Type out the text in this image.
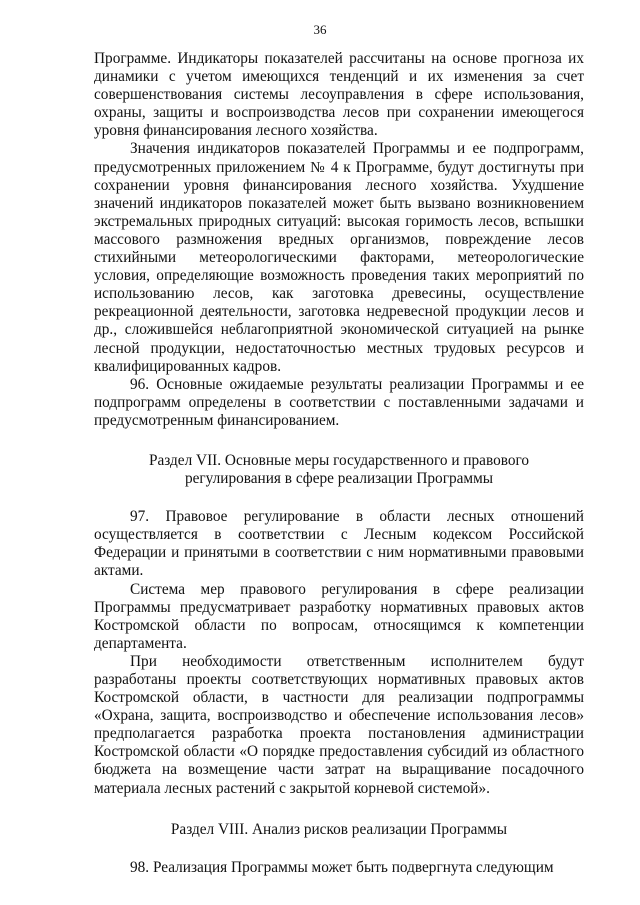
36

Программе. Индикаторы показателей рассчитаны на основе прогноза их динамики с учетом имеющихся тенденций и их изменения за счет совершенствования системы лесоуправления в сфере использования, охраны, защиты и воспроизводства лесов при сохранении имеющегося уровня финансирования лесного хозяйства.

Значения индикаторов показателей Программы и ее подпрограмм, предусмотренных приложением № 4 к Программе, будут достигнуты при сохранении уровня финансирования лесного хозяйства. Ухудшение значений индикаторов показателей может быть вызвано возникновением экстремальных природных ситуаций: высокая горимость лесов, вспышки массового размножения вредных организмов, повреждение лесов стихийными метеорологическими факторами, метеорологические условия, определяющие возможность проведения таких мероприятий по использованию лесов, как заготовка древесины, осуществление рекреационной деятельности, заготовка недревесной продукции лесов и др., сложившейся неблагоприятной экономической ситуацией на рынке лесной продукции, недостаточностью местных трудовых ресурсов и квалифицированных кадров.

96. Основные ожидаемые результаты реализации Программы и ее подпрограмм определены в соответствии с поставленными задачами и предусмотренным финансированием.

Раздел VII. Основные меры государственного и правового
регулирования в сфере реализации Программы

97. Правовое регулирование в области лесных отношений осуществляется в соответствии с Лесным кодексом Российской Федерации и принятыми в соответствии с ним нормативными правовыми актами.

Система мер правового регулирования в сфере реализации Программы предусматривает разработку нормативных правовых актов Костромской области по вопросам, относящимся к компетенции департамента.

При необходимости ответственным исполнителем будут разработаны проекты соответствующих нормативных правовых актов Костромской области, в частности для реализации подпрограммы «Охрана, защита, воспроизводство и обеспечение использования лесов» предполагается разработка проекта постановления администрации Костромской области «О порядке предоставления субсидий из областного бюджета на возмещение части затрат на выращивание посадочного материала лесных растений с закрытой корневой системой».

Раздел VIII. Анализ рисков реализации Программы

98. Реализация Программы может быть подвергнута следующим
